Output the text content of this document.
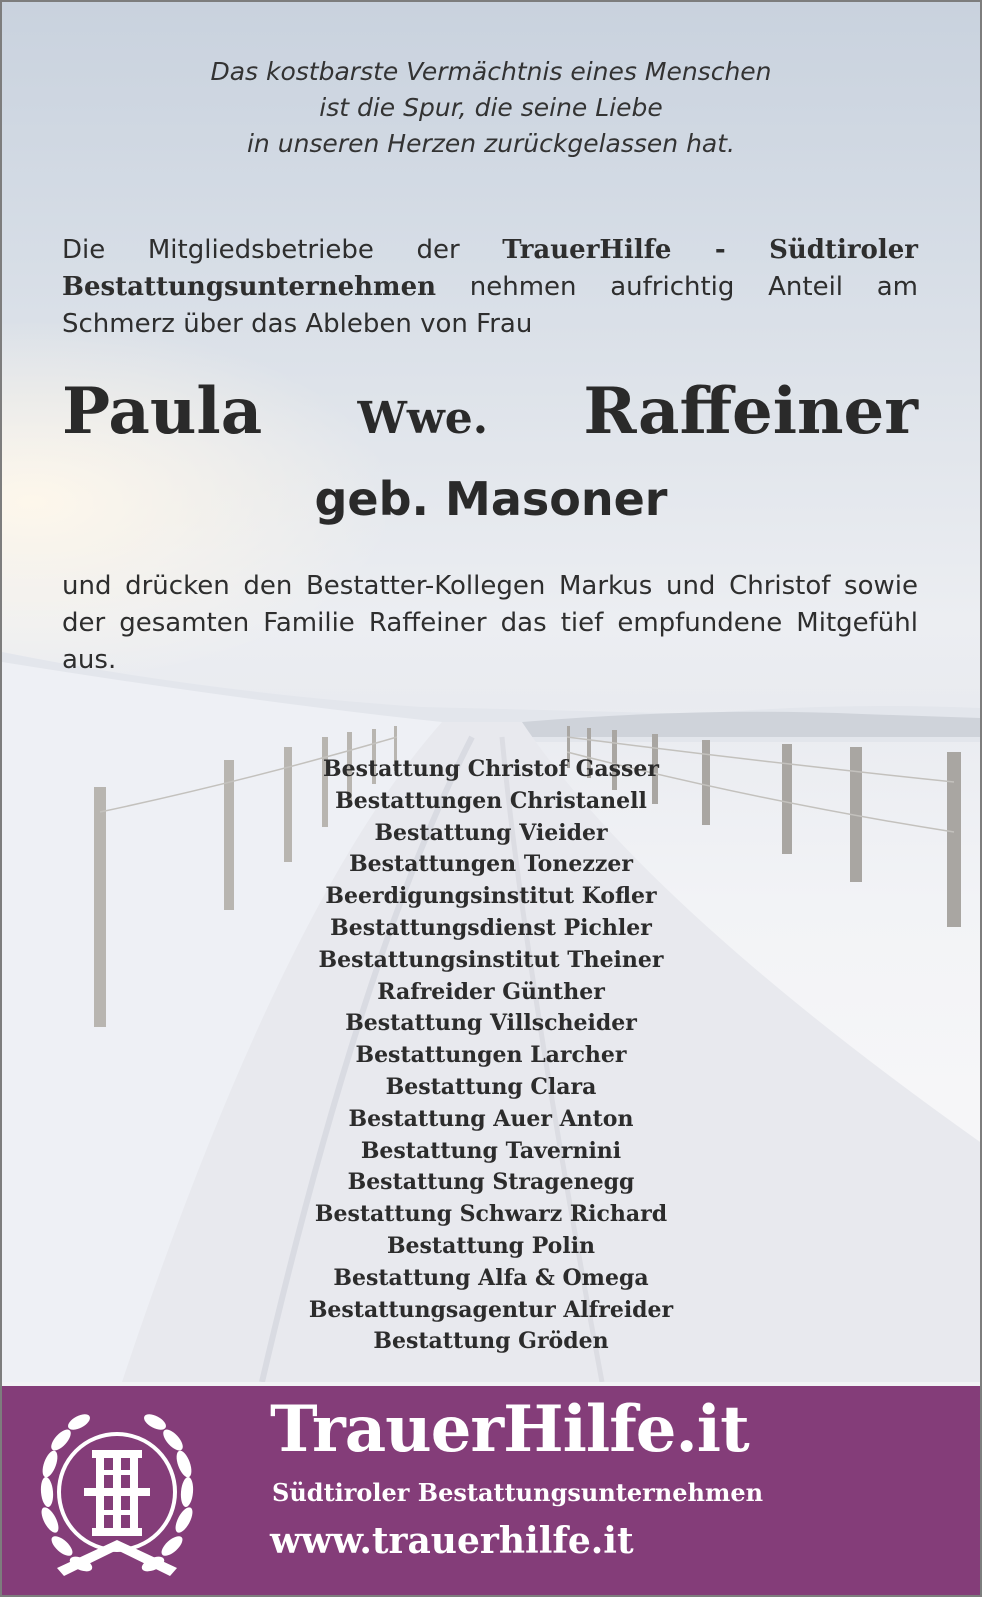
Das kostbarste Vermächtnis eines Menschen
ist die Spur, die seine Liebe
in unseren Herzen zurückgelassen hat.
Die Mitgliedsbetriebe der TrauerHilfe - Südtiroler Bestattungsunternehmen nehmen aufrichtig Anteil am Schmerz über das Ableben von Frau
Paula Wwe. Raffeiner
geb. Masoner
und drücken den Bestatter-Kollegen Markus und Christof sowie der gesamten Familie Raffeiner das tief empfundene Mitgefühl aus.
Bestattung Christof Gasser
Bestattungen Christanell
Bestattung Vieider
Bestattungen Tonezzer
Beerdigungsinstitut Kofler
Bestattungsdienst Pichler
Bestattungsinstitut Theiner
Rafreider Günther
Bestattung Villscheider
Bestattungen Larcher
Bestattung Clara
Bestattung Auer Anton
Bestattung Tavernini
Bestattung Stragenegg
Bestattung Schwarz Richard
Bestattung Polin
Bestattung Alfa & Omega
Bestattungsagentur Alfreider
Bestattung Gröden
TrauerHilfe.it
Südtiroler Bestattungsunternehmen
www.trauerhilfe.it
